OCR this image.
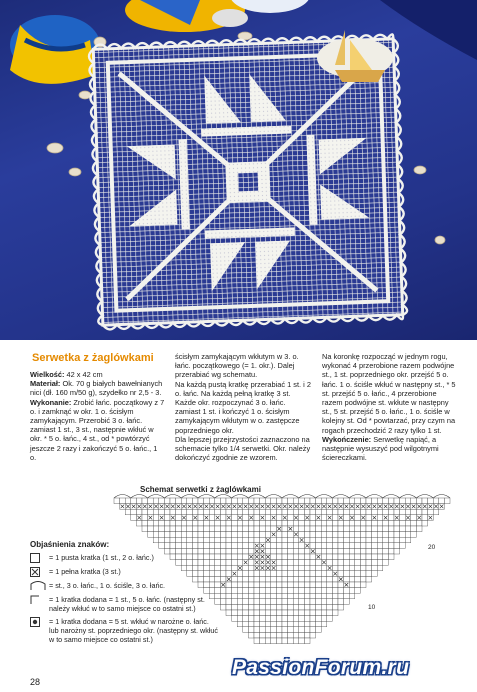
Serwetka z żaglówkami

Wielkość: 42 x 42 cm

Materiał: Ok. 70 g białych bawełnianych nici (dł. 160 m/50 g), szydełko nr 2,5 - 3.

Wykonanie: Zrobić łańc. początkowy z 7 o. i zamknąć w okr. 1 o. ścisłym zamykającym. Przerobić 3 o. łańc. zamiast 1 st., 3 st., następnie wkłuć w okr. * 5 o. łańc., 4 st., od * powtórzyć jeszcze 2 razy i zakończyć 5 o. łańc., 1 o.

ścisłym zamykającym wkłutym w 3. o. łańc. początkowego (= 1. okr.). Dalej przerabiać wg schematu.

Na każdą pustą kratkę przerabiać 1 st. i 2 o. łańc. Na każdą pełną kratkę 3 st. Każde okr. rozpoczynać 3 o. łańc. zamiast 1 st. i kończyć 1 o. ścisłym zamykającym wkłutym w o. zastępcze poprzedniego okr.

Dla lepszej przejrzystości zaznaczono na schemacie tylko 1/4 serwetki. Okr. należy dokończyć zgodnie ze wzorem.

Na koronkę rozpocząć w jednym rogu, wykonać 4 przerobione razem podwójne st., 1 st. poprzedniego okr. przejść 5 o. łańc. 1 o. ściśle wkłuć w następny st., * 5 st. przejść 5 o. łańc., 4 przerobione razem podwójne st. wkłute w następny st., 5 st. przejść 5 o. łańc., 1 o. ściśle w kolejny st. Od * powtarzać, przy czym na rogach przechodzić 2 razy tylko 1 st.

Wykończenie: Serwetkę napiąć, a następnie wysuszyć pod wilgotnymi ściereczkami.

Schemat serwetki z żaglówkami
20
10
Objaśnienia znaków:
= 1 pusta kratka (1 st., 2 o. łańc.)
= 1 pełna kratka (3 st.)
= st., 3 o. łańc., 1 o. ściśle, 3 o. łańc.
= 1 kratka dodana = 1 st., 5 o. łańc. (następny st. należy wkłuć w to samo miejsce co ostatni st.)
= 1 kratka dodana = 5 st. wkłuć w narożne o. łańc. lub narożny st. poprzedniego okr. (następny st. wkłuć w to samo miejsce co ostatni st.)
28
PassionForum.ru
